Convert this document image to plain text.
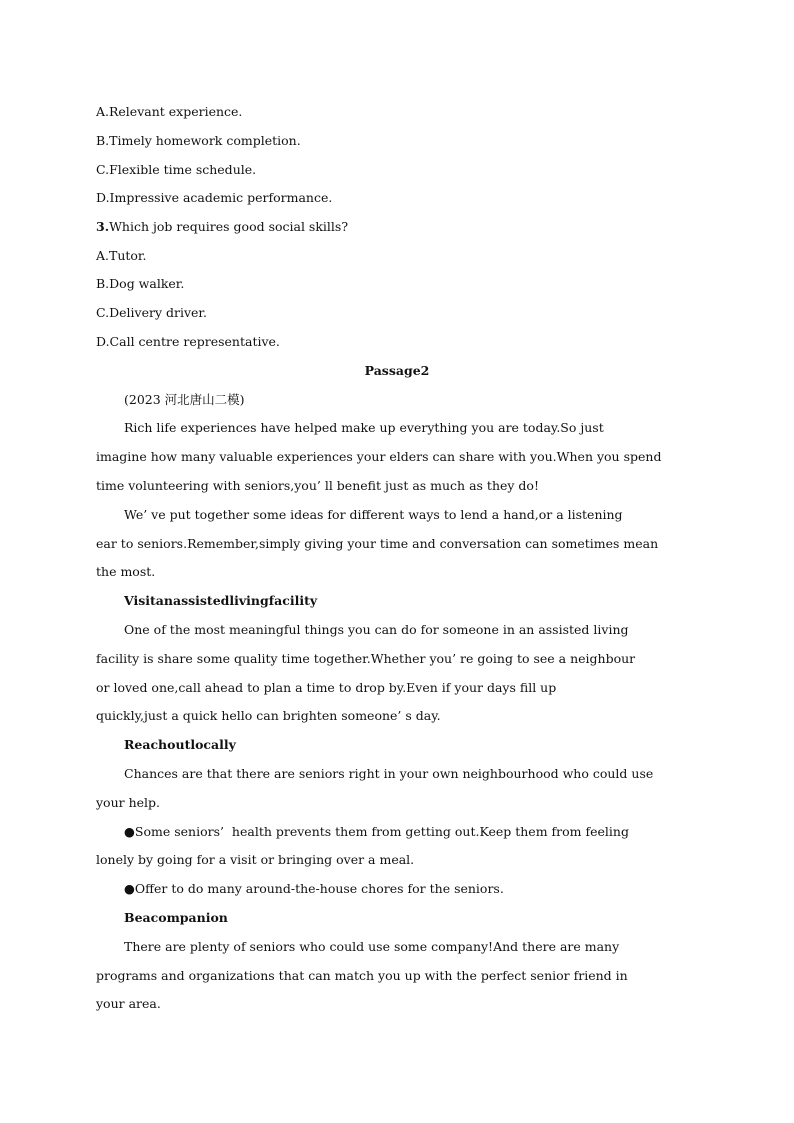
A.Relevant experience.
B.Timely homework completion.
C.Flexible time schedule.
D.Impressive academic performance.
3.Which job requires good social skills?
A.Tutor.
B.Dog walker.
C.Delivery driver.
D.Call centre representative.
Passage2
(2023 河北唐山二模)
Rich life experiences have helped make up everything you are today.So just
imagine how many valuable experiences your elders can share with you.When you spend
time volunteering with seniors,you’ ll benefit just as much as they do!
We’ ve put together some ideas for different ways to lend a hand,or a listening
ear to seniors.Remember,simply giving your time and conversation can sometimes mean
the most.
Visitanassistedlivingfacility
One of the most meaningful things you can do for someone in an assisted living
facility is share some quality time together.Whether you’ re going to see a neighbour
or loved one,call ahead to plan a time to drop by.Even if your days fill up
quickly,just a quick hello can brighten someone’ s day.
Reachoutlocally
Chances are that there are seniors right in your own neighbourhood who could use
your help.
●Some seniors’  health prevents them from getting out.Keep them from feeling
lonely by going for a visit or bringing over a meal.
●Offer to do many around-the-house chores for the seniors.
Beacompanion
There are plenty of seniors who could use some company!And there are many
programs and organizations that can match you up with the perfect senior friend in
your area.
